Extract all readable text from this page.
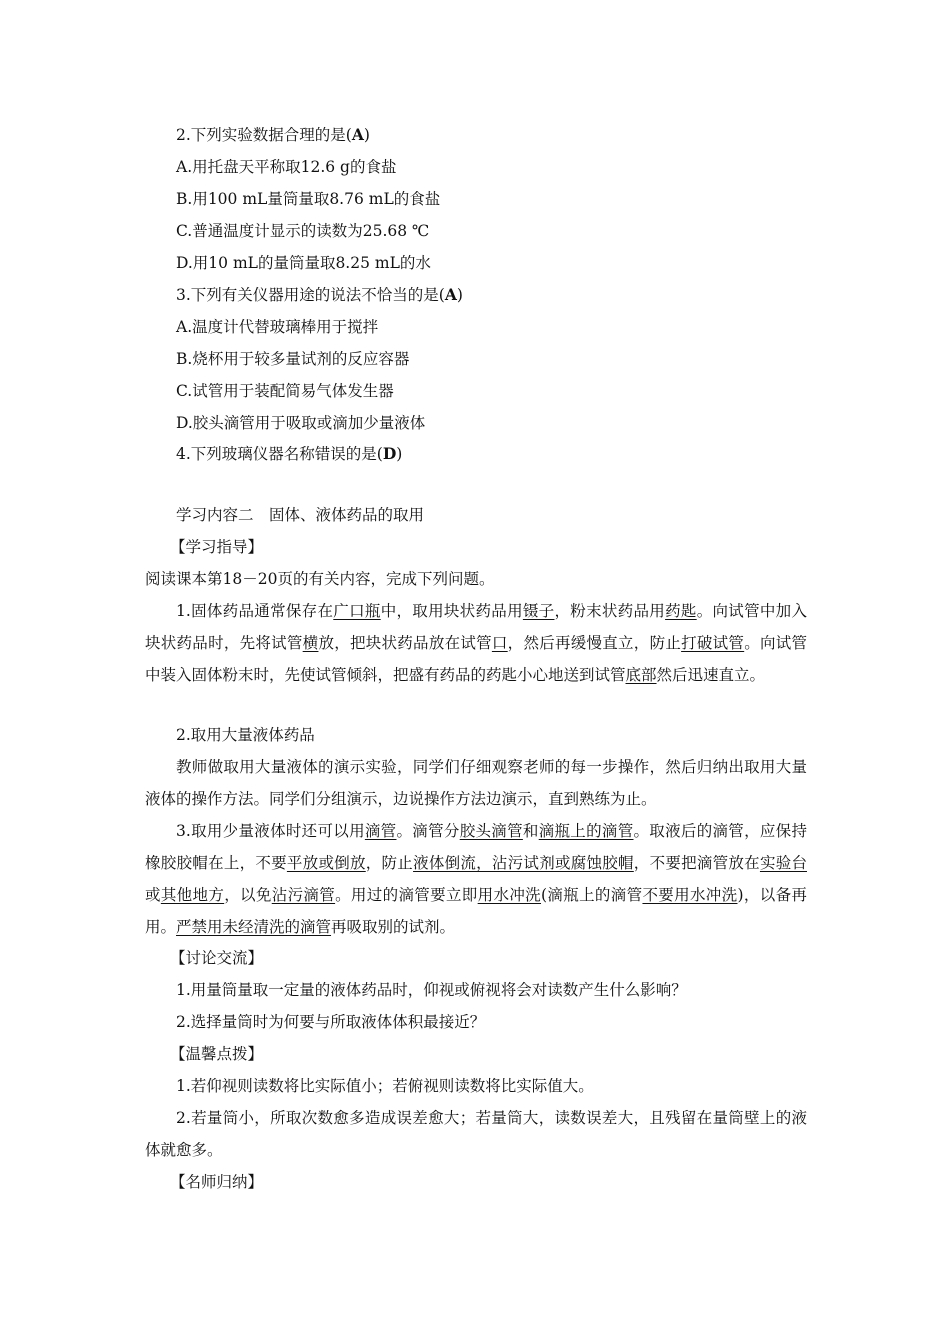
2.下列实验数据合理的是(A)
A.用托盘天平称取12.6 g的食盐
B.用100 mL量筒量取8.76 mL的食盐
C.普通温度计显示的读数为25.68 ℃
D.用10 mL的量筒量取8.25 mL的水
3.下列有关仪器用途的说法不恰当的是(A)
A.温度计代替玻璃棒用于搅拌
B.烧杯用于较多量试剂的反应容器
C.试管用于装配简易气体发生器
D.胶头滴管用于吸取或滴加少量液体
4.下列玻璃仪器名称错误的是(D)
学习内容二　固体、液体药品的取用
【学习指导】
阅读课本第18－20页的有关内容，完成下列问题。
1.固体药品通常保存在广口瓶中，取用块状药品用镊子，粉末状药品用药匙。向试管中加入块状药品时，先将试管横放，把块状药品放在试管口，然后再缓慢直立，防止打破试管。向试管中装入固体粉末时，先使试管倾斜，把盛有药品的药匙小心地送到试管底部然后迅速直立。
2.取用大量液体药品
教师做取用大量液体的演示实验，同学们仔细观察老师的每一步操作，然后归纳出取用大量液体的操作方法。同学们分组演示，边说操作方法边演示，直到熟练为止。
3.取用少量液体时还可以用滴管。滴管分胶头滴管和滴瓶上的滴管。取液后的滴管，应保持橡胶胶帽在上，不要平放或倒放，防止液体倒流，沾污试剂或腐蚀胶帽，不要把滴管放在实验台或其他地方，以免沾污滴管。用过的滴管要立即用水冲洗(滴瓶上的滴管不要用水冲洗)，以备再用。严禁用未经清洗的滴管再吸取别的试剂。
【讨论交流】
1.用量筒量取一定量的液体药品时，仰视或俯视将会对读数产生什么影响？
2.选择量筒时为何要与所取液体体积最接近？
【温馨点拨】
1.若仰视则读数将比实际值小；若俯视则读数将比实际值大。
2.若量筒小，所取次数愈多造成误差愈大；若量筒大，读数误差大，且残留在量筒壁上的液体就愈多。
【名师归纳】
